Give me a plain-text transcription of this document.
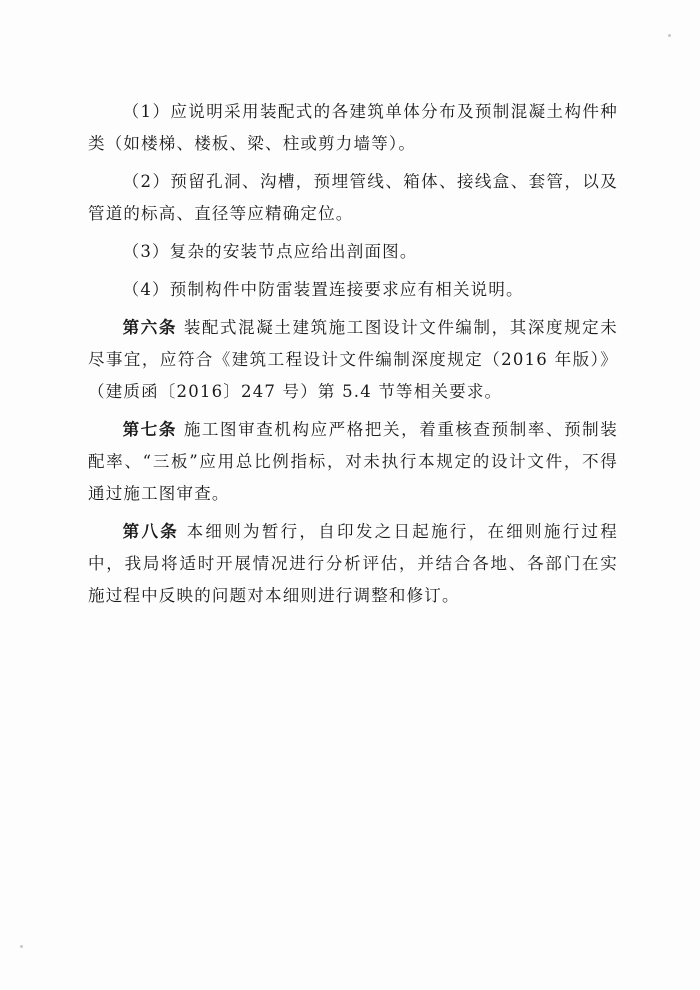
（1）应说明采用装配式的各建筑单体分布及预制混凝土构件种类（如楼梯、楼板、梁、柱或剪力墙等）。

（2）预留孔洞、沟槽，预埋管线、箱体、接线盒、套管，以及管道的标高、直径等应精确定位。

（3）复杂的安装节点应给出剖面图。

（4）预制构件中防雷装置连接要求应有相关说明。

第六条 装配式混凝土建筑施工图设计文件编制，其深度规定未尽事宜，应符合《建筑工程设计文件编制深度规定（2016 年版）》（建质函〔2016〕247 号）第 5.4 节等相关要求。

第七条 施工图审查机构应严格把关，着重核查预制率、预制装配率、“三板”应用总比例指标，对未执行本规定的设计文件，不得通过施工图审查。

第八条 本细则为暂行，自印发之日起施行，在细则施行过程中，我局将适时开展情况进行分析评估，并结合各地、各部门在实施过程中反映的问题对本细则进行调整和修订。
